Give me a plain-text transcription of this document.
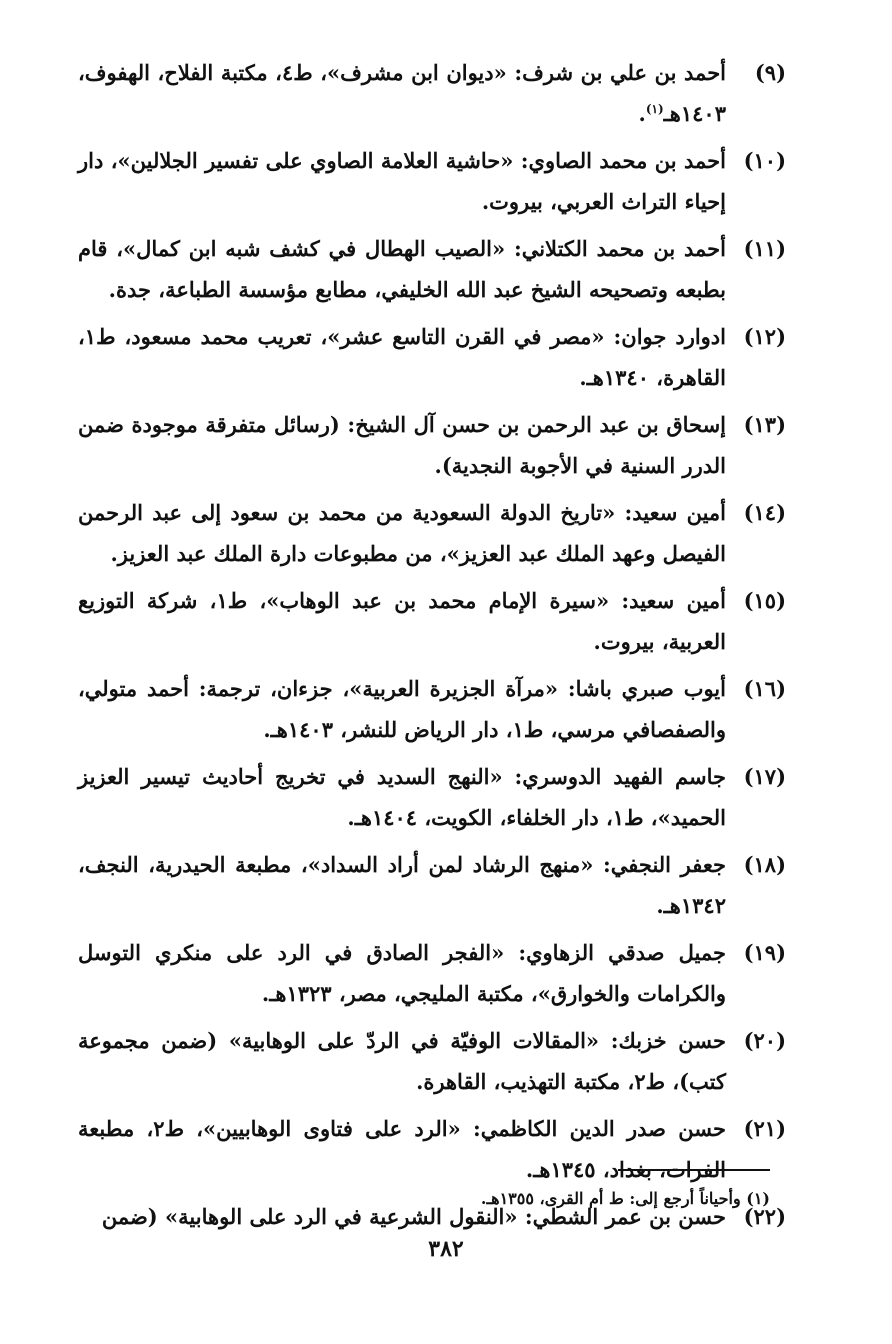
(٩)
أحمد بن علي بن شرف: «ديوان ابن مشرف»، ط٤، مكتبة الفلاح، الهفوف، ١٤٠٣هـ$^{(١)}$.
(١٠)
أحمد بن محمد الصاوي: «حاشية العلامة الصاوي على تفسير الجلالين»، دار إحياء التراث العربي، بيروت.
(١١)
أحمد بن محمد الكتلاني: «الصيب الهطال في كشف شبه ابن كمال»، قام بطبعه وتصحيحه الشيخ عبد الله الخليفي، مطابع مؤسسة الطباعة، جدة.
(١٢)
ادوارد جوان: «مصر في القرن التاسع عشر»، تعريب محمد مسعود، ط١، القاهرة، ١٣٤٠هـ.
(١٣)
إسحاق بن عبد الرحمن بن حسن آل الشيخ: (رسائل متفرقة موجودة ضمن الدرر السنية في الأجوبة النجدية).
(١٤)
أمين سعيد: «تاريخ الدولة السعودية من محمد بن سعود إلى عبد الرحمن الفيصل وعهد الملك عبد العزيز»، من مطبوعات دارة الملك عبد العزيز.
(١٥)
أمين سعيد: «سيرة الإمام محمد بن عبد الوهاب»، ط١، شركة التوزيع العربية، بيروت.
(١٦)
أيوب صبري باشا: «مرآة الجزيرة العربية»، جزءان، ترجمة: أحمد متولي، والصفصافي مرسي، ط١، دار الرياض للنشر، ١٤٠٣هـ.
(١٧)
جاسم الفهيد الدوسري: «النهج السديد في تخريج أحاديث تيسير العزيز الحميد»، ط١، دار الخلفاء، الكويت، ١٤٠٤هـ.
(١٨)
جعفر النجفي: «منهج الرشاد لمن أراد السداد»، مطبعة الحيدرية، النجف، ١٣٤٢هـ.
(١٩)
جميل صدقي الزهاوي: «الفجر الصادق في الرد على منكري التوسل والكرامات والخوارق»، مكتبة المليجي، مصر، ١٣٢٣هـ.
(٢٠)
حسن خزبك: «المقالات الوفيّة في الردّ على الوهابية» (ضمن مجموعة كتب)، ط٢، مكتبة التهذيب، القاهرة.
(٢١)
حسن صدر الدين الكاظمي: «الرد على فتاوى الوهابيين»، ط٢، مطبعة الفرات، بغداد، ١٣٤٥هـ.
(٢٢)
حسن بن عمر الشطي: «النقول الشرعية في الرد على الوهابية» (ضمن
(١) وأحياناً أرجع إلى: ط أم القرى، ١٣٥٥هـ.
٣٨٢
